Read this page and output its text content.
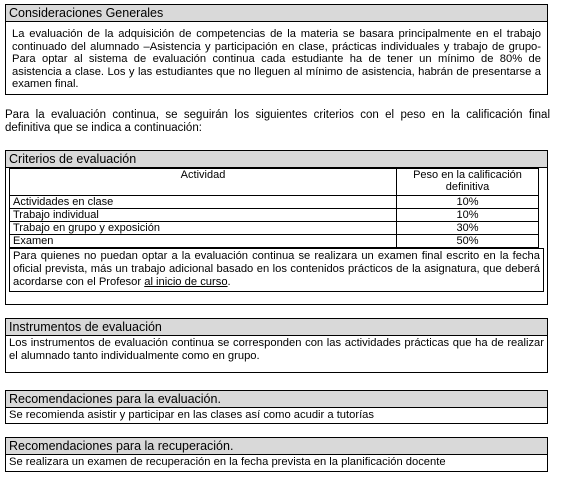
Consideraciones Generales
La evaluación de la adquisición de competencias de la materia se basara principalmente en el trabajo continuado del alumnado –Asistencia y participación en clase, prácticas individuales y trabajo de grupo- Para optar al sistema de evaluación continua cada estudiante ha de tener un mínimo de 80% de asistencia a clase. Los y las estudiantes que no lleguen al mínimo de asistencia, habrán de presentarse a examen final.
Para la evaluación continua, se seguirán los siguientes criterios con el peso en la calificación final definitiva que se indica a continuación:
Criterios de evaluación
Actividad	Peso en la calificación definitiva
Actividades en clase	10%
Trabajo individual	10%
Trabajo en grupo y exposición	30%
Examen	50%
Para quienes no puedan optar a la evaluación continua se realizara un examen final escrito en la fecha oficial prevista, más un trabajo adicional basado en los contenidos prácticos de la asignatura, que deberá acordarse con el Profesor al inicio de curso.
Instrumentos de evaluación
Los instrumentos de evaluación continua se corresponden con las actividades prácticas que ha de realizar el alumnado tanto individualmente como en grupo.
Recomendaciones para la evaluación.
Se recomienda asistir y participar en las clases así como acudir a tutorías
Recomendaciones para la recuperación.
Se realizara un examen de recuperación en la fecha prevista en la planificación docente
